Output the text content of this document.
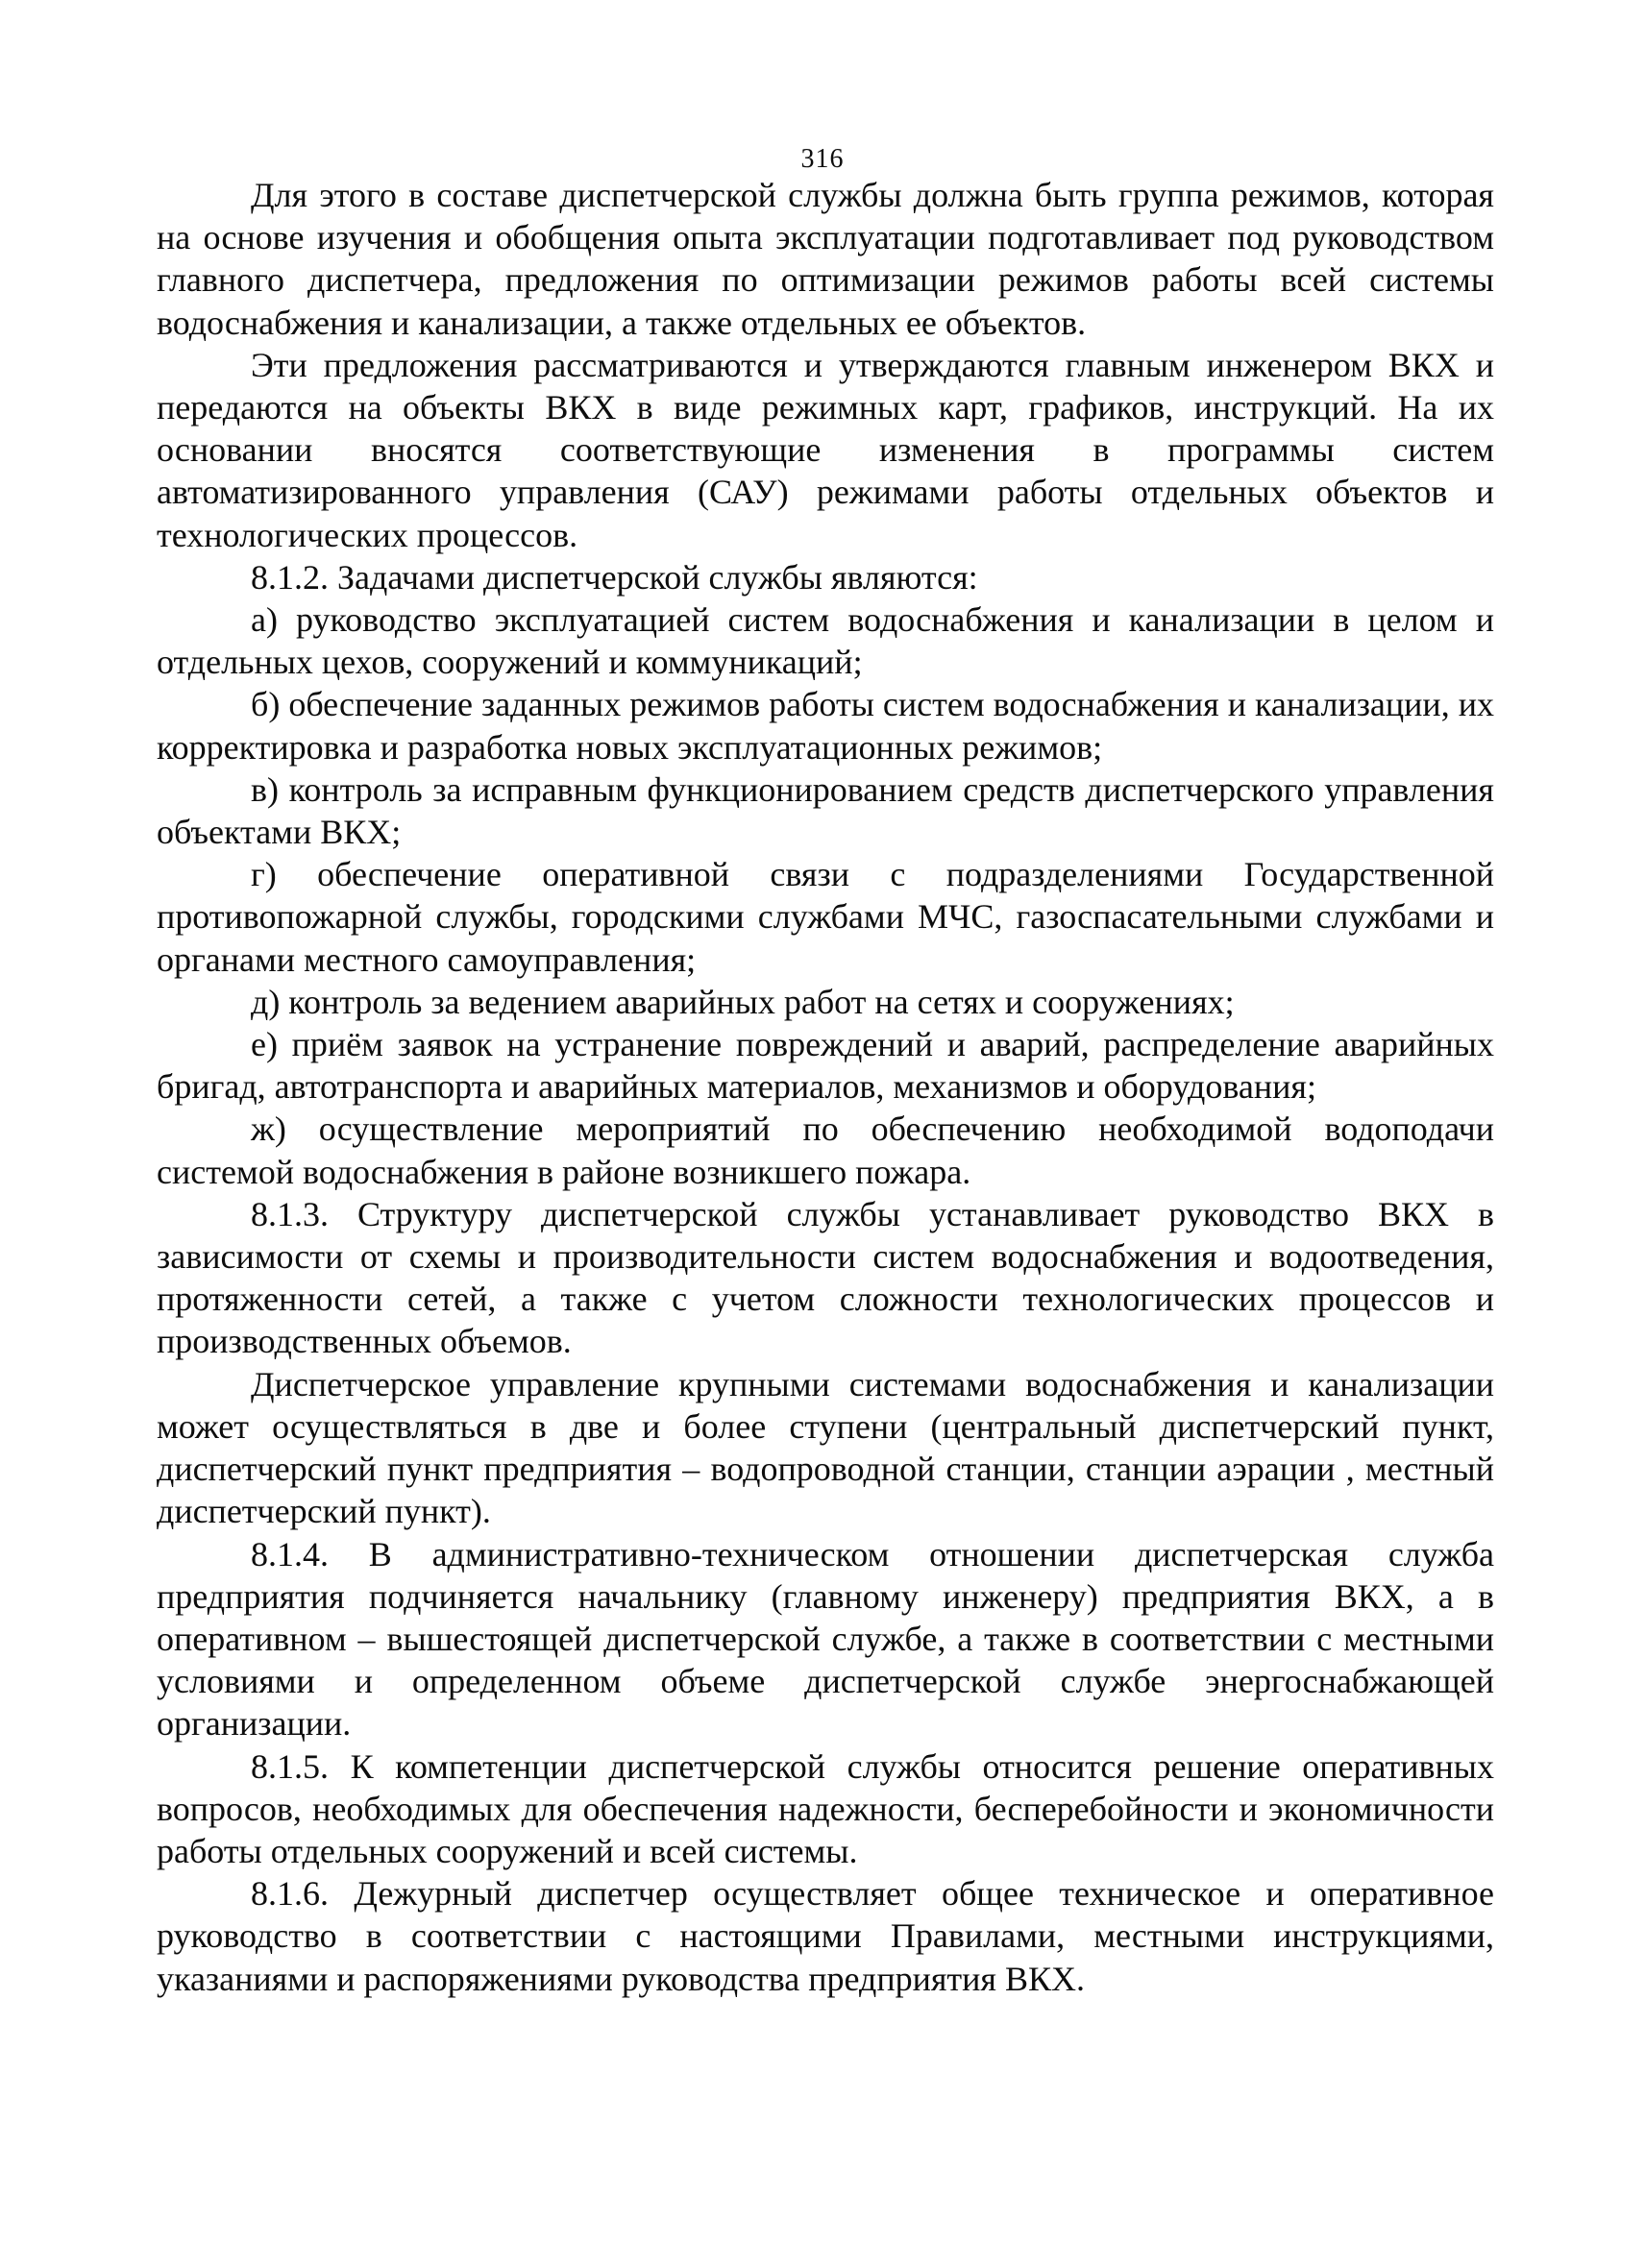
316

Для этого в составе диспетчерской службы должна быть группа режимов, которая на основе изучения и обобщения опыта эксплуатации подготавливает под руководством главного диспетчера, предложения по оптимизации режимов работы всей системы водоснабжения и канализации, а также отдельных ее объектов.

Эти предложения рассматриваются и утверждаются главным инженером ВКХ и передаются на объекты ВКХ в виде режимных карт, графиков, инструкций. На их основании вносятся соответствующие изменения в программы систем автоматизированного управления (САУ) режимами работы отдельных объектов и технологических процессов.

8.1.2. Задачами диспетчерской службы являются:

а) руководство эксплуатацией систем водоснабжения и канализации в целом и отдельных цехов, сооружений и коммуникаций;

б) обеспечение заданных режимов работы систем водоснабжения и канализации, их корректировка и разработка новых эксплуатационных режимов;

в) контроль за исправным функционированием средств диспетчерского управления объектами ВКХ;

г) обеспечение оперативной связи с подразделениями Государственной противопожарной службы, городскими службами МЧС, газоспасательными службами и органами местного самоуправления;

д) контроль за ведением аварийных работ на сетях и сооружениях;

е) приём заявок на устранение повреждений и аварий, распределение аварийных бригад, автотранспорта и аварийных материалов, механизмов и оборудования;

ж) осуществление мероприятий по обеспечению необходимой водоподачи системой водоснабжения в районе возникшего пожара.

8.1.3. Структуру диспетчерской службы устанавливает руководство ВКХ в зависимости от схемы и производительности систем водоснабжения и водоотведения, протяженности сетей, а также с учетом сложности технологических процессов и производственных объемов.

Диспетчерское управление крупными системами водоснабжения и канализации может осуществляться в две и более ступени (центральный диспетчерский пункт, диспетчерский пункт предприятия – водопроводной станции, станции аэрации , местный диспетчерский пункт).

8.1.4. В административно-техническом отношении диспетчерская служба предприятия подчиняется начальнику (главному инженеру) предприятия ВКХ, а в оперативном – вышестоящей диспетчерской службе, а также в соответствии с местными условиями и определенном объеме диспетчерской службе энергоснабжающей организации.

8.1.5. К компетенции диспетчерской службы относится решение оперативных вопросов, необходимых для обеспечения надежности, бесперебойности и экономичности работы отдельных сооружений и всей системы.

8.1.6. Дежурный диспетчер осуществляет общее техническое и оперативное руководство в соответствии с настоящими Правилами, местными инструкциями, указаниями и распоряжениями руководства предприятия ВКХ.
